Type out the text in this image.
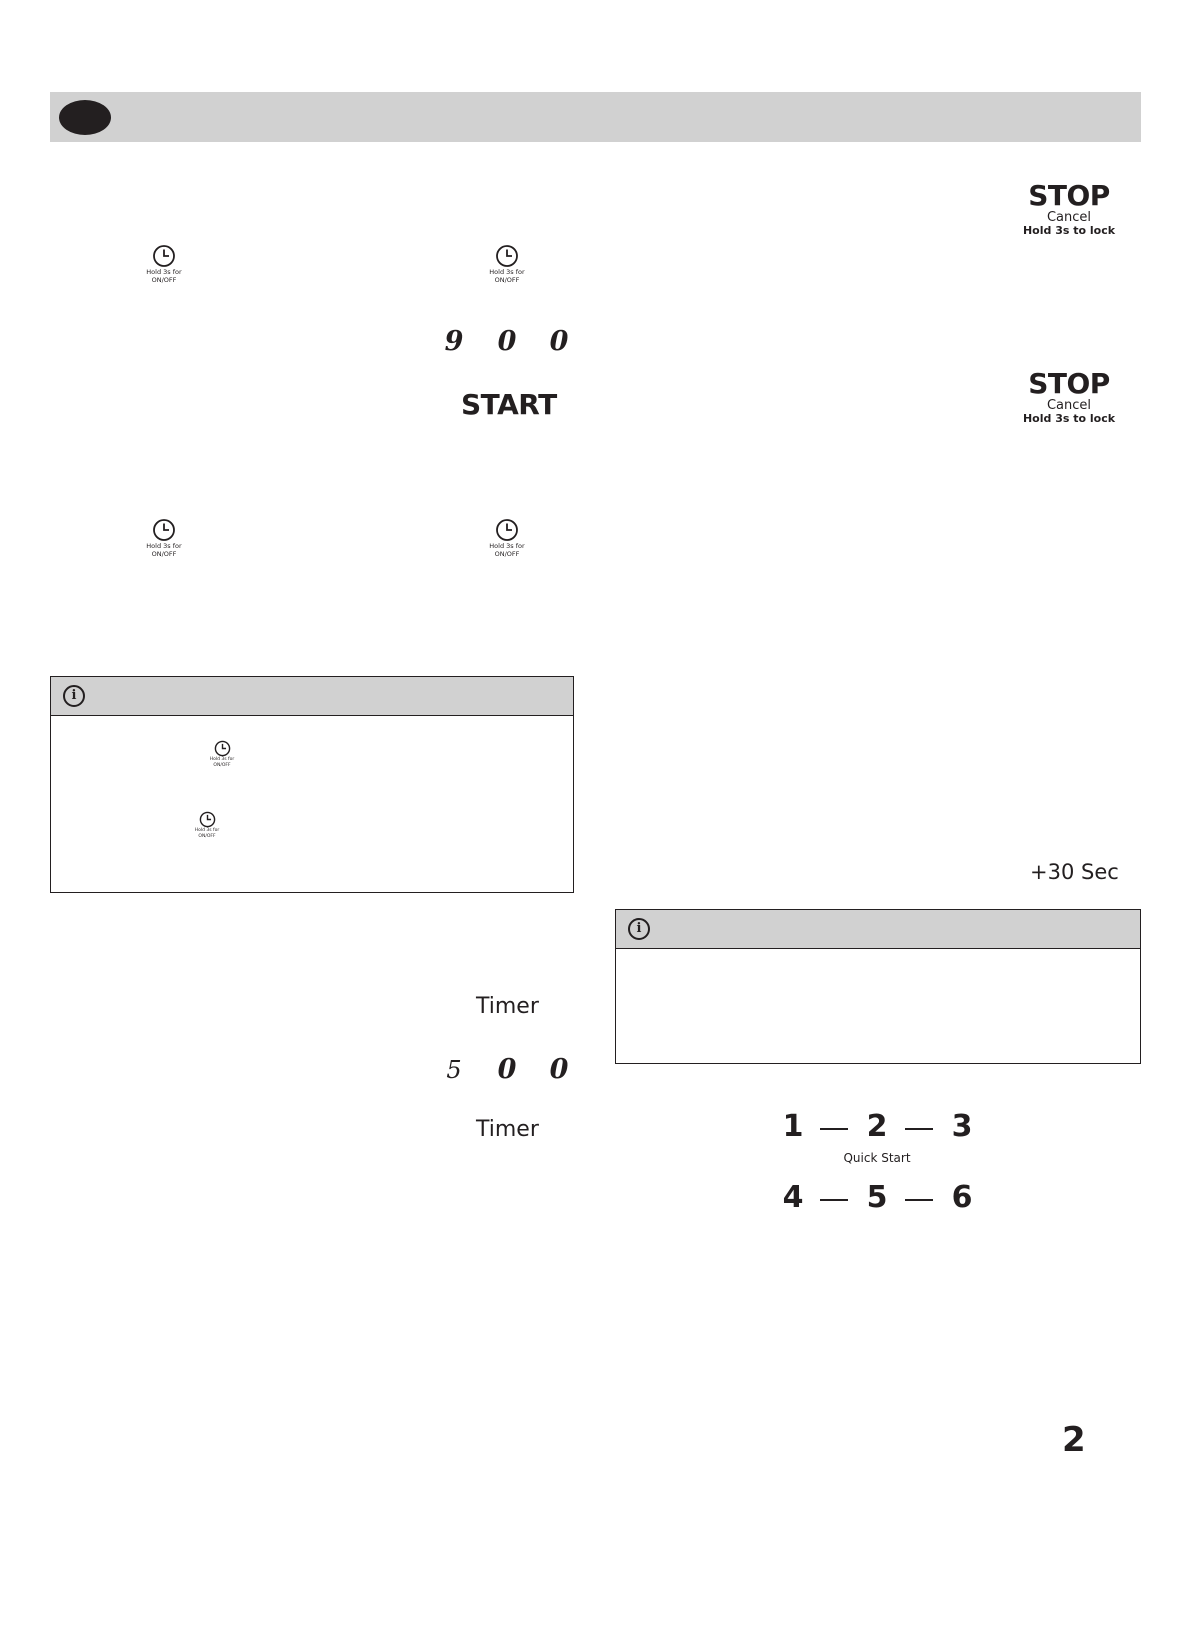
Hold 3s for
ON/OFF
Hold 3s for
ON/OFF
STOP
Cancel
Hold 3s to lock
STOP
Cancel
Hold 3s to lock
9 0 0
START
Hold 3s for
ON/OFF
Hold 3s for
ON/OFF
i
Hold 3s for
ON/OFF
Hold 3s for
ON/OFF
+30 Sec
i
Timer
5 0 0
Timer	1 2 3
Quick Start
4 5 6
2
